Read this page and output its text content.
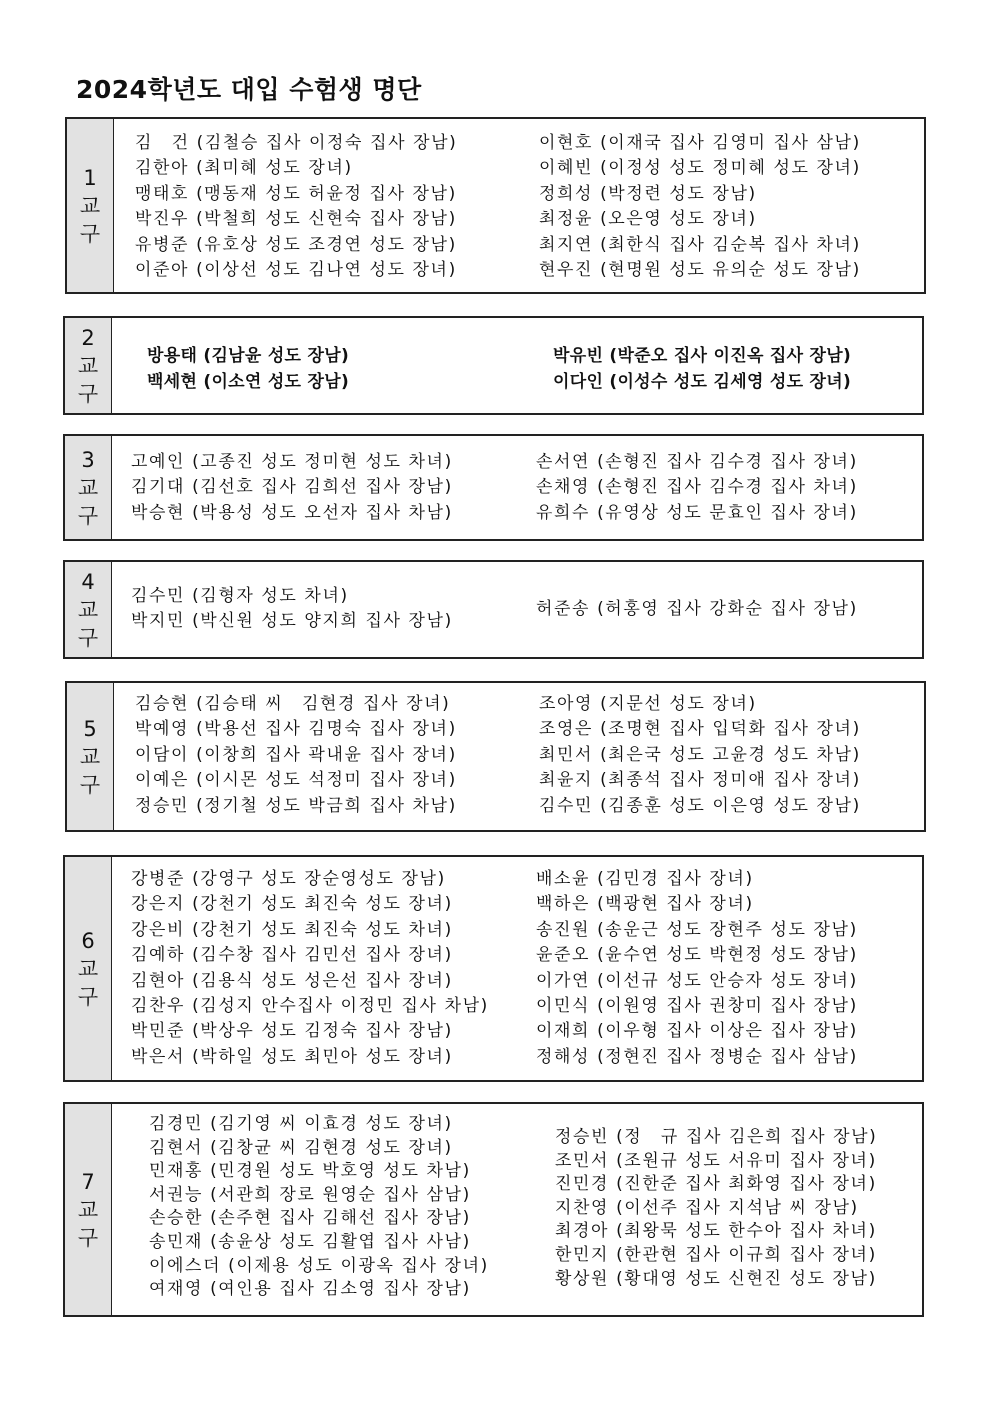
2024학년도 대입 수험생 명단
1
교
구
김　건 (김철승 집사 이정숙 집사 장남)
김한아 (최미혜 성도 장녀)
맹태호 (맹동재 성도 허윤정 집사 장남)
박진우 (박철희 성도 신현숙 집사 장남)
유병준 (유호상 성도 조경연 성도 장남)
이준아 (이상선 성도 김나연 성도 장녀)
이현호 (이재국 집사 김영미 집사 삼남)
이혜빈 (이정성 성도 정미혜 성도 장녀)
정희성 (박정련 성도 장남)
최정윤 (오은영 성도 장녀)
최지연 (최한식 집사 김순복 집사 차녀)
현우진 (현명원 성도 유의순 성도 장남)
2
교
구
방용태 (김남윤 성도 장남)
백세현 (이소연 성도 장남)
박유빈 (박준오 집사 이진옥 집사 장남)
이다인 (이성수 성도 김세영 성도 장녀)
3
교
구
고예인 (고종진 성도 정미현 성도 차녀)
김기대 (김선호 집사 김희선 집사 장남)
박승현 (박용성 성도 오선자 집사 차남)
손서연 (손형진 집사 김수경 집사 장녀)
손채영 (손형진 집사 김수경 집사 차녀)
유희수 (유영상 성도 문효인 집사 장녀)
4
교
구
김수민 (김형자 성도 차녀)
박지민 (박신원 성도 양지희 집사 장남)
허준송 (허홍영 집사 강화순 집사 장남)
5
교
구
김승현 (김승태 씨　김현경 집사 장녀)
박예영 (박용선 집사 김명숙 집사 장녀)
이담이 (이창희 집사 곽내윤 집사 장녀)
이예은 (이시몬 성도 석정미 집사 장녀)
정승민 (정기철 성도 박금희 집사 차남)
조아영 (지문선 성도 장녀)
조영은 (조명현 집사 입덕화 집사 장녀)
최민서 (최은국 성도 고윤경 성도 차남)
최윤지 (최종석 집사 정미애 집사 장녀)
김수민 (김종훈 성도 이은영 성도 장남)
6
교
구
강병준 (강영구 성도 장순영성도 장남)
강은지 (강천기 성도 최진숙 성도 장녀)
강은비 (강천기 성도 최진숙 성도 차녀)
김예하 (김수창 집사 김민선 집사 장녀)
김현아 (김용식 성도 성은선 집사 장녀)
김찬우 (김성지 안수집사 이정민 집사 차남)
박민준 (박상우 성도 김정숙 집사 장남)
박은서 (박하일 성도 최민아 성도 장녀)
배소윤 (김민경 집사 장녀)
백하은 (백광현 집사 장녀)
송진원 (송운근 성도 장현주 성도 장남)
윤준오 (윤수연 성도 박현정 성도 장남)
이가연 (이선규 성도 안승자 성도 장녀)
이민식 (이원영 집사 권창미 집사 장남)
이재희 (이우형 집사 이상은 집사 장남)
정해성 (정현진 집사 정병순 집사 삼남)
7
교
구
김경민 (김기영 씨 이효경 성도 장녀)
김현서 (김창균 씨 김현경 성도 장녀)
민재홍 (민경원 성도 박호영 성도 차남)
서권능 (서관희 장로 원영순 집사 삼남)
손승한 (손주현 집사 김해선 집사 장남)
송민재 (송윤상 성도 김활엽 집사 사남)
이에스더 (이제용 성도 이광옥 집사 장녀)
여재영 (여인용 집사 김소영 집사 장남)
정승빈 (정　규 집사 김은희 집사 장남)
조민서 (조원규 성도 서유미 집사 장녀)
진민경 (진한준 집사 최화영 집사 장녀)
지찬영 (이선주 집사 지석남 씨 장남)
최경아 (최왕묵 성도 한수아 집사 차녀)
한민지 (한관현 집사 이규희 집사 장녀)
황상원 (황대영 성도 신현진 성도 장남)
